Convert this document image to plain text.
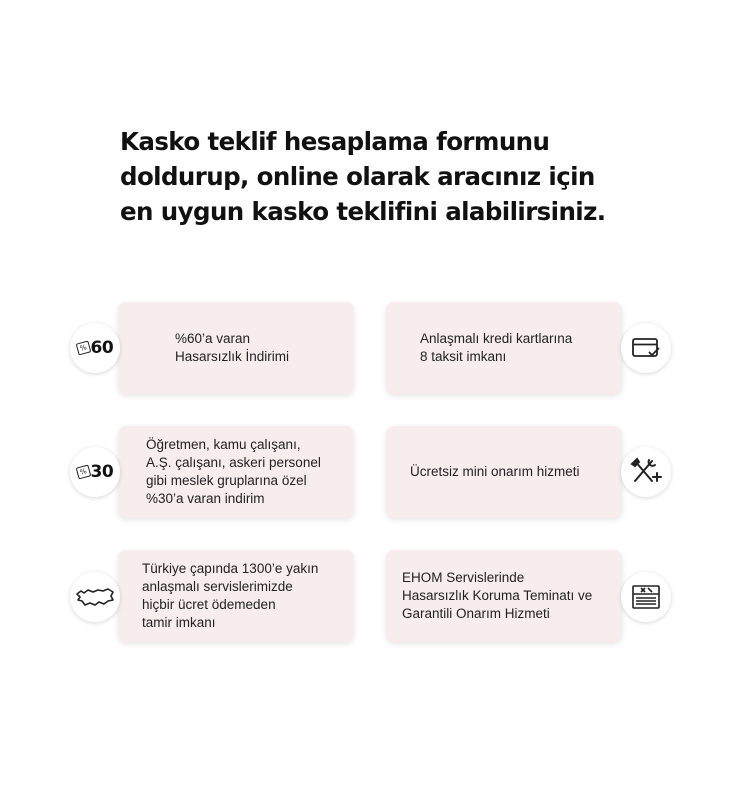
Kasko teklif hesaplama formunu
doldurup, online olarak aracınız için
en uygun kasko teklifini alabilirsiniz.
%60’a varan
Hasarsızlık İndirimi
% 60	Anlaşmalı kredi kartlarına
8 taksit imkanı
Öğretmen, kamu çalışanı,
A.Ş. çalışanı, askeri personel
gibi meslek gruplarına özel
%30’a varan indirim
% 30	Ücretsiz mini onarım hizmeti
Türkiye çapında 1300’e yakın
anlaşmalı servislerimizde
hiçbir ücret ödemeden
tamir imkanı
EHOM Servislerinde
Hasarsızlık Koruma Teminatı ve
Garantili Onarım Hizmeti
